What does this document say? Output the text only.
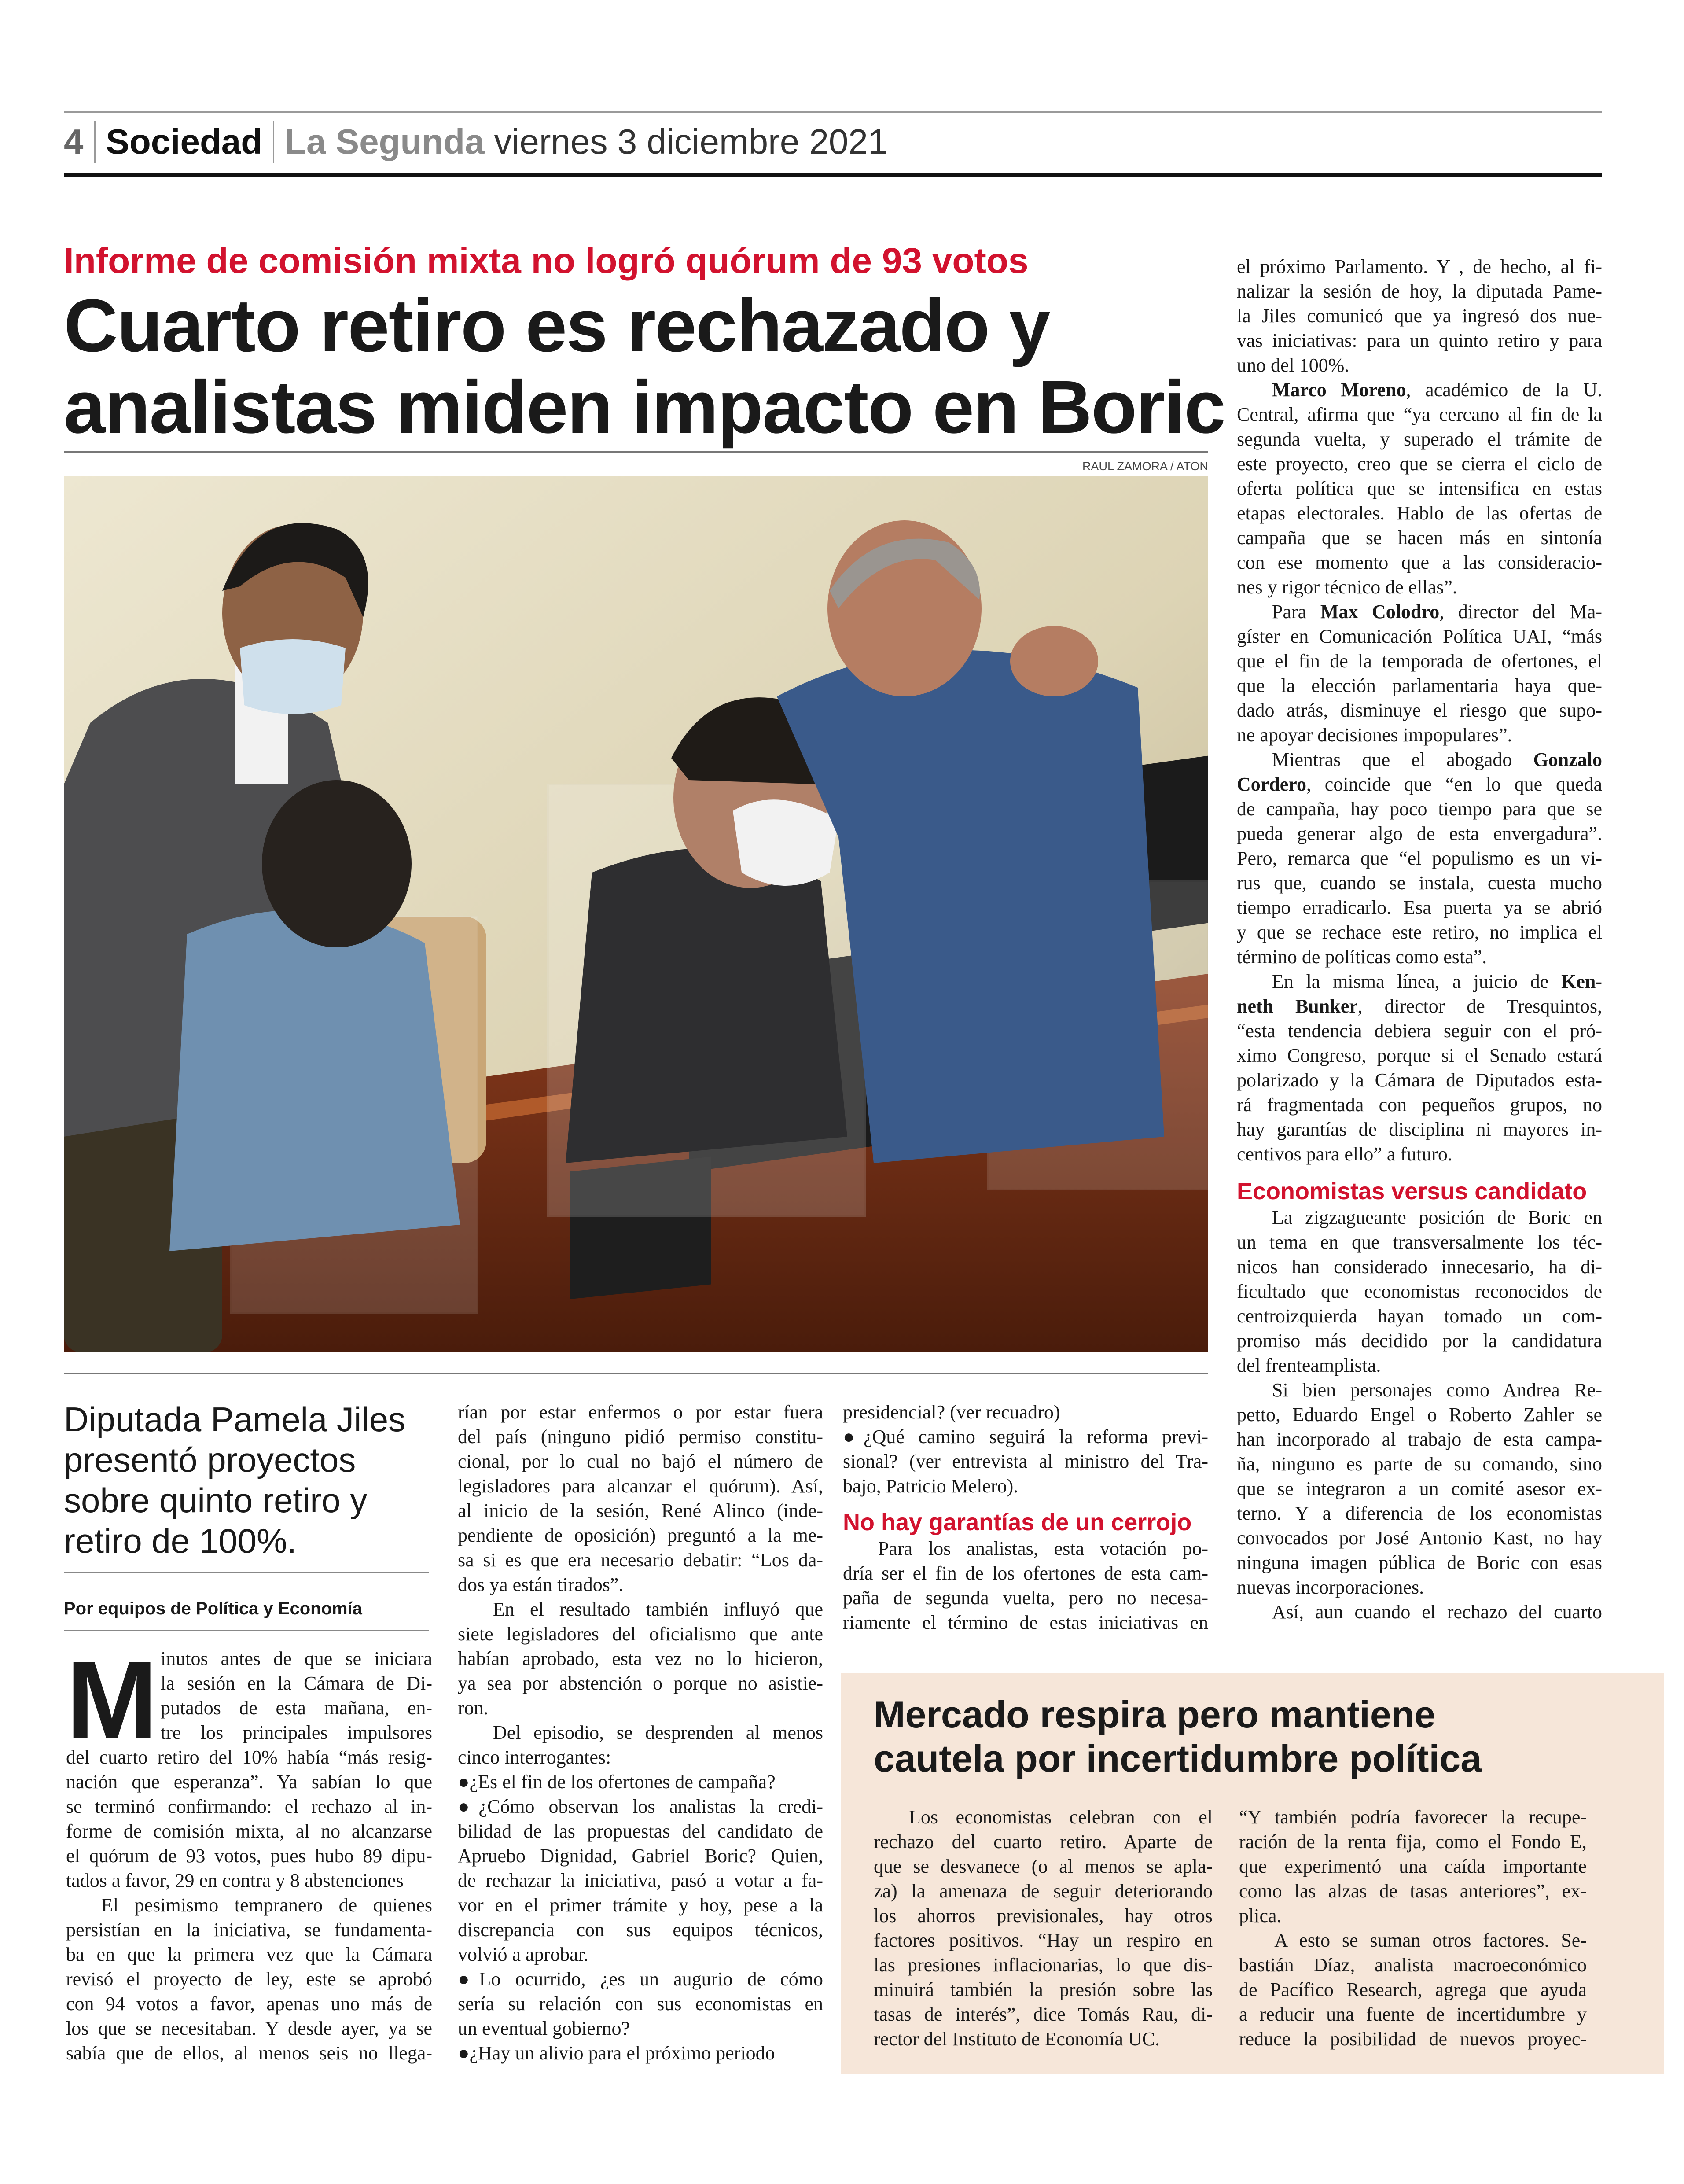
4 Sociedad La Segunda viernes 3 diciembre 2021
Informe de comisión mixta no logró quórum de 93 votos
Cuarto retiro es rechazado y
analistas miden impacto en Boric
RAUL ZAMORA / ATON
Diputada Pamela Jiles
presentó proyectos
sobre quinto retiro y
retiro de 100%.
Por equipos de Política y Economía
M inutos antes de que se iniciara
la sesión en la Cámara de Di-
putados de esta mañana, en-
tre los principales impulsores
del cuarto retiro del 10% había “más resig-
nación que esperanza”. Ya sabían lo que
se terminó confirmando: el rechazo al in-
forme de comisión mixta, al no alcanzarse
el quórum de 93 votos, pues hubo 89 dipu-
tados a favor, 29 en contra y 8 abstenciones
El pesimismo tempranero de quienes
persistían en la iniciativa, se fundamenta-
ba en que la primera vez que la Cámara
revisó el proyecto de ley, este se aprobó
con 94 votos a favor, apenas uno más de
los que se necesitaban. Y desde ayer, ya se
sabía que de ellos, al menos seis no llega-
rían por estar enfermos o por estar fuera
del país (ninguno pidió permiso constitu-
cional, por lo cual no bajó el número de
legisladores para alcanzar el quórum). Así,
al inicio de la sesión, René Alinco (inde-
pendiente de oposición) preguntó a la me-
sa si es que era necesario debatir: “Los da-
dos ya están tirados”.
En el resultado también influyó que
siete legisladores del oficialismo que ante
habían aprobado, esta vez no lo hicieron,
ya sea por abstención o porque no asistie-
ron.
Del episodio, se desprenden al menos
cinco interrogantes:
●¿Es el fin de los ofertones de campaña?
●¿Cómo observan los analistas la credi-
bilidad de las propuestas del candidato de
Apruebo Dignidad, Gabriel Boric? Quien,
de rechazar la iniciativa, pasó a votar a fa-
vor en el primer trámite y hoy, pese a la
discrepancia con sus equipos técnicos,
volvió a aprobar.
●Lo ocurrido, ¿es un augurio de cómo
sería su relación con sus economistas en
un eventual gobierno?
●¿Hay un alivio para el próximo periodo
presidencial? (ver recuadro)
●¿Qué camino seguirá la reforma previ-
sional? (ver entrevista al ministro del Tra-
bajo, Patricio Melero).
No hay garantías de un cerrojo
Para los analistas, esta votación po-
dría ser el fin de los ofertones de esta cam-
paña de segunda vuelta, pero no necesa-
riamente el término de estas iniciativas en
el próximo Parlamento. Y , de hecho, al fi-
nalizar la sesión de hoy, la diputada Pame-
la Jiles comunicó que ya ingresó dos nue-
vas iniciativas: para un quinto retiro y para
uno del 100%.
Marco Moreno, académico de la U.
Central, afirma que “ya cercano al fin de la
segunda vuelta, y superado el trámite de
este proyecto, creo que se cierra el ciclo de
oferta política que se intensifica en estas
etapas electorales. Hablo de las ofertas de
campaña que se hacen más en sintonía
con ese momento que a las consideracio-
nes y rigor técnico de ellas”.
Para Max Colodro, director del Ma-
gíster en Comunicación Política UAI, “más
que el fin de la temporada de ofertones, el
que la elección parlamentaria haya que-
dado atrás, disminuye el riesgo que supo-
ne apoyar decisiones impopulares”.
Mientras que el abogado Gonzalo
Cordero, coincide que “en lo que queda
de campaña, hay poco tiempo para que se
pueda generar algo de esta envergadura”.
Pero, remarca que “el populismo es un vi-
rus que, cuando se instala, cuesta mucho
tiempo erradicarlo. Esa puerta ya se abrió
y que se rechace este retiro, no implica el
término de políticas como esta”.
En la misma línea, a juicio de Ken-
neth Bunker, director de Tresquintos,
“esta tendencia debiera seguir con el pró-
ximo Congreso, porque si el Senado estará
polarizado y la Cámara de Diputados esta-
rá fragmentada con pequeños grupos, no
hay garantías de disciplina ni mayores in-
centivos para ello” a futuro.
Economistas versus candidato
La zigzagueante posición de Boric en
un tema en que transversalmente los téc-
nicos han considerado innecesario, ha di-
ficultado que economistas reconocidos de
centroizquierda hayan tomado un com-
promiso más decidido por la candidatura
del frenteamplista.
Si bien personajes como Andrea Re-
petto, Eduardo Engel o Roberto Zahler se
han incorporado al trabajo de esta campa-
ña, ninguno es parte de su comando, sino
que se integraron a un comité asesor ex-
terno. Y a diferencia de los economistas
convocados por José Antonio Kast, no hay
ninguna imagen pública de Boric con esas
nuevas incorporaciones.
Así, aun cuando el rechazo del cuarto
Mercado respira pero mantiene
cautela por incertidumbre política
Los economistas celebran con el
rechazo del cuarto retiro. Aparte de
que se desvanece (o al menos se apla-
za) la amenaza de seguir deteriorando
los ahorros previsionales, hay otros
factores positivos. “Hay un respiro en
las presiones inflacionarias, lo que dis-
minuirá también la presión sobre las
tasas de interés”, dice Tomás Rau, di-
rector del Instituto de Economía UC.
“Y también podría favorecer la recupe-
ración de la renta fija, como el Fondo E,
que experimentó una caída importante
como las alzas de tasas anteriores”, ex-
plica.
A esto se suman otros factores. Se-
bastián Díaz, analista macroeconómico
de Pacífico Research, agrega que ayuda
a reducir una fuente de incertidumbre y
reduce la posibilidad de nuevos proyec-
